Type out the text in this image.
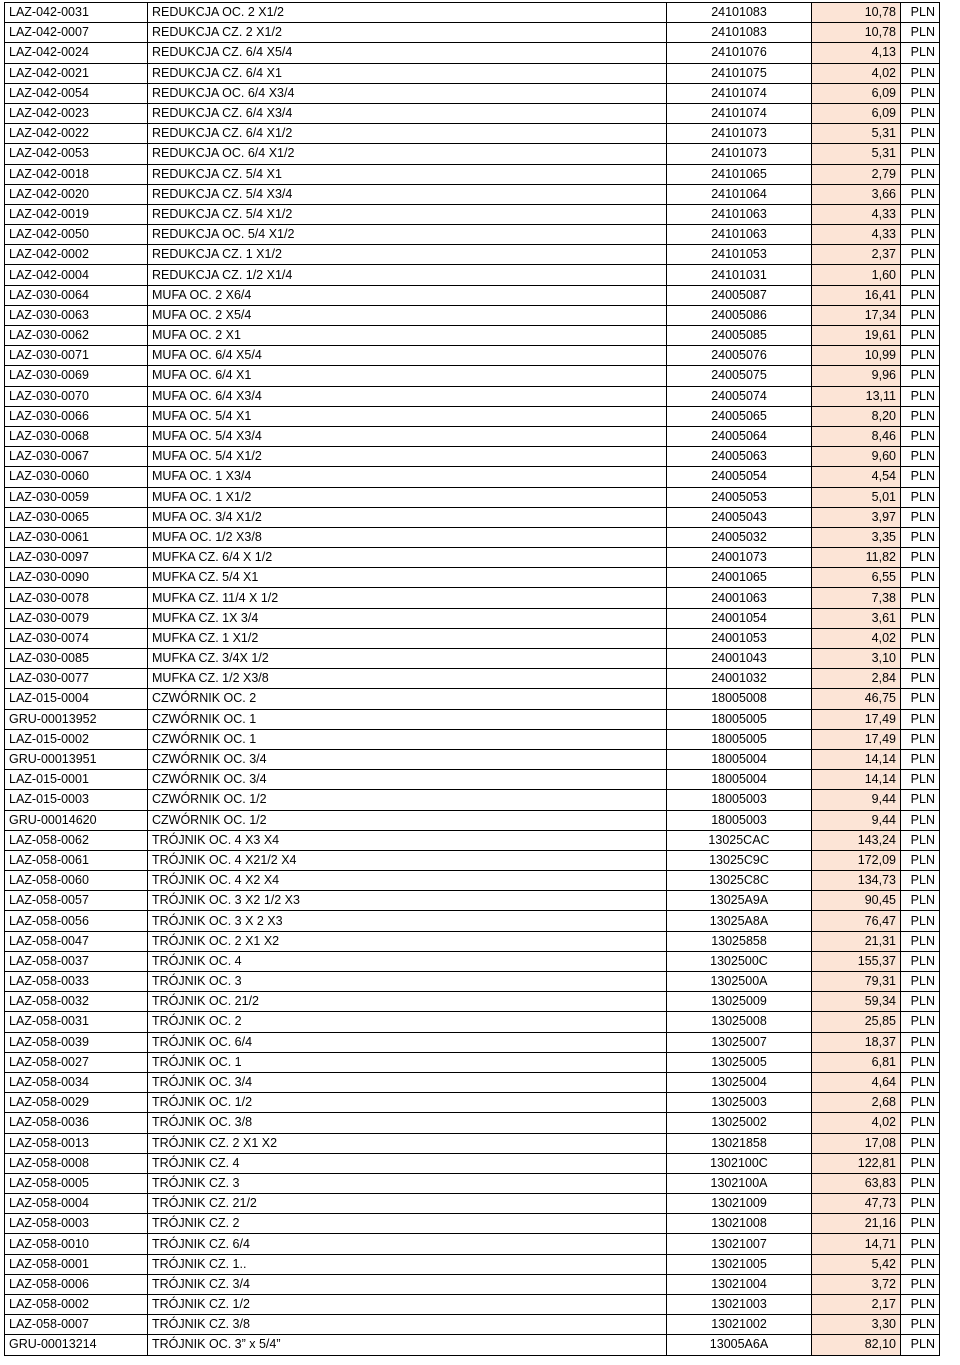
LAZ-042-0031	REDUKCJA OC. 2 X1/2	24101083	10,78	PLN
LAZ-042-0007	REDUKCJA CZ. 2 X1/2	24101083	10,78	PLN
LAZ-042-0024	REDUKCJA CZ. 6/4 X5/4	24101076	4,13	PLN
LAZ-042-0021	REDUKCJA CZ. 6/4 X1	24101075	4,02	PLN
LAZ-042-0054	REDUKCJA OC. 6/4 X3/4	24101074	6,09	PLN
LAZ-042-0023	REDUKCJA CZ. 6/4 X3/4	24101074	6,09	PLN
LAZ-042-0022	REDUKCJA CZ. 6/4 X1/2	24101073	5,31	PLN
LAZ-042-0053	REDUKCJA OC. 6/4 X1/2	24101073	5,31	PLN
LAZ-042-0018	REDUKCJA CZ. 5/4 X1	24101065	2,79	PLN
LAZ-042-0020	REDUKCJA CZ. 5/4 X3/4	24101064	3,66	PLN
LAZ-042-0019	REDUKCJA CZ. 5/4 X1/2	24101063	4,33	PLN
LAZ-042-0050	REDUKCJA OC. 5/4 X1/2	24101063	4,33	PLN
LAZ-042-0002	REDUKCJA CZ. 1 X1/2	24101053	2,37	PLN
LAZ-042-0004	REDUKCJA CZ. 1/2 X1/4	24101031	1,60	PLN
LAZ-030-0064	MUFA OC. 2 X6/4	24005087	16,41	PLN
LAZ-030-0063	MUFA OC. 2 X5/4	24005086	17,34	PLN
LAZ-030-0062	MUFA OC. 2 X1	24005085	19,61	PLN
LAZ-030-0071	MUFA OC. 6/4 X5/4	24005076	10,99	PLN
LAZ-030-0069	MUFA OC. 6/4 X1	24005075	9,96	PLN
LAZ-030-0070	MUFA OC. 6/4 X3/4	24005074	13,11	PLN
LAZ-030-0066	MUFA OC. 5/4 X1	24005065	8,20	PLN
LAZ-030-0068	MUFA OC. 5/4 X3/4	24005064	8,46	PLN
LAZ-030-0067	MUFA OC. 5/4 X1/2	24005063	9,60	PLN
LAZ-030-0060	MUFA OC. 1 X3/4	24005054	4,54	PLN
LAZ-030-0059	MUFA OC. 1 X1/2	24005053	5,01	PLN
LAZ-030-0065	MUFA OC. 3/4 X1/2	24005043	3,97	PLN
LAZ-030-0061	MUFA OC. 1/2 X3/8	24005032	3,35	PLN
LAZ-030-0097	MUFKA CZ. 6/4 X 1/2	24001073	11,82	PLN
LAZ-030-0090	MUFKA CZ. 5/4 X1	24001065	6,55	PLN
LAZ-030-0078	MUFKA CZ. 11/4 X 1/2	24001063	7,38	PLN
LAZ-030-0079	MUFKA CZ. 1X 3/4	24001054	3,61	PLN
LAZ-030-0074	MUFKA CZ. 1 X1/2	24001053	4,02	PLN
LAZ-030-0085	MUFKA CZ. 3/4X 1/2	24001043	3,10	PLN
LAZ-030-0077	MUFKA CZ. 1/2 X3/8	24001032	2,84	PLN
LAZ-015-0004	CZWÓRNIK OC. 2	18005008	46,75	PLN
GRU-00013952	CZWÓRNIK OC. 1	18005005	17,49	PLN
LAZ-015-0002	CZWÓRNIK OC. 1	18005005	17,49	PLN
GRU-00013951	CZWÓRNIK OC. 3/4	18005004	14,14	PLN
LAZ-015-0001	CZWÓRNIK OC. 3/4	18005004	14,14	PLN
LAZ-015-0003	CZWÓRNIK OC. 1/2	18005003	9,44	PLN
GRU-00014620	CZWÓRNIK OC. 1/2	18005003	9,44	PLN
LAZ-058-0062	TRÓJNIK OC. 4 X3 X4	13025CAC	143,24	PLN
LAZ-058-0061	TRÓJNIK OC. 4 X21/2 X4	13025C9C	172,09	PLN
LAZ-058-0060	TRÓJNIK OC. 4 X2 X4	13025C8C	134,73	PLN
LAZ-058-0057	TRÓJNIK OC. 3 X2 1/2 X3	13025A9A	90,45	PLN
LAZ-058-0056	TRÓJNIK OC. 3 X 2 X3	13025A8A	76,47	PLN
LAZ-058-0047	TRÓJNIK OC. 2 X1 X2	13025858	21,31	PLN
LAZ-058-0037	TRÓJNIK OC. 4	1302500C	155,37	PLN
LAZ-058-0033	TRÓJNIK OC. 3	1302500A	79,31	PLN
LAZ-058-0032	TRÓJNIK OC. 21/2	13025009	59,34	PLN
LAZ-058-0031	TRÓJNIK OC. 2	13025008	25,85	PLN
LAZ-058-0039	TRÓJNIK OC. 6/4	13025007	18,37	PLN
LAZ-058-0027	TRÓJNIK OC. 1	13025005	6,81	PLN
LAZ-058-0034	TRÓJNIK OC. 3/4	13025004	4,64	PLN
LAZ-058-0029	TRÓJNIK OC. 1/2	13025003	2,68	PLN
LAZ-058-0036	TRÓJNIK OC. 3/8	13025002	4,02	PLN
LAZ-058-0013	TRÓJNIK CZ. 2 X1 X2	13021858	17,08	PLN
LAZ-058-0008	TRÓJNIK CZ. 4	1302100C	122,81	PLN
LAZ-058-0005	TRÓJNIK CZ. 3	1302100A	63,83	PLN
LAZ-058-0004	TRÓJNIK CZ. 21/2	13021009	47,73	PLN
LAZ-058-0003	TRÓJNIK CZ. 2	13021008	21,16	PLN
LAZ-058-0010	TRÓJNIK CZ. 6/4	13021007	14,71	PLN
LAZ-058-0001	TRÓJNIK CZ. 1..	13021005	5,42	PLN
LAZ-058-0006	TRÓJNIK CZ. 3/4	13021004	3,72	PLN
LAZ-058-0002	TRÓJNIK CZ. 1/2	13021003	2,17	PLN
LAZ-058-0007	TRÓJNIK CZ. 3/8	13021002	3,30	PLN
GRU-00013214	TRÓJNIK OC. 3” x 5/4”	13005A6A	82,10	PLN
